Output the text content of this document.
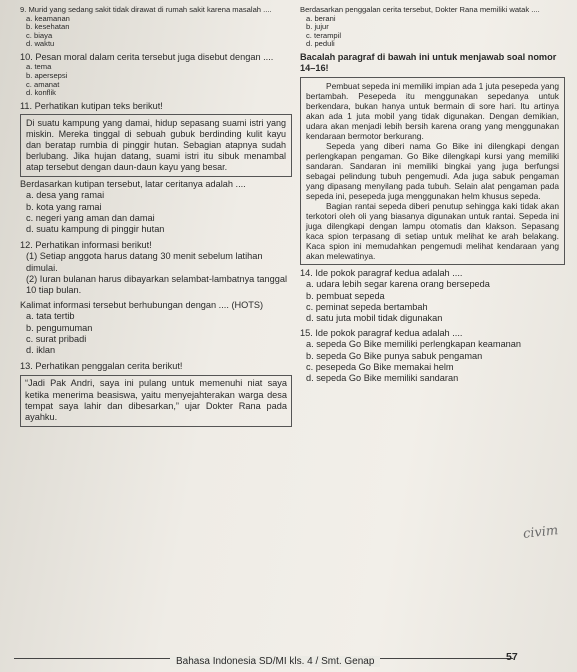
9. Murid yang sedang sakit tidak dirawat di rumah sakit karena masalah ....

a. keamanan
b. kesehatan
c. biaya
d. waktu

10. Pesan moral dalam cerita tersebut juga disebut dengan ....

a. tema
b. apersepsi
c. amanat
d. konflik

11. Perhatikan kutipan teks berikut!

Di suatu kampung yang damai, hidup sepasang suami istri yang miskin. Mereka tinggal di sebuah gubuk berdinding kulit kayu dan beratap rumbia di pinggir hutan. Sebagian atapnya sudah berlubang. Jika hujan datang, suami istri itu sibuk menambal atap tersebut dengan daun-daun kayu yang besar.

Berdasarkan kutipan tersebut, latar ceritanya adalah ....

a. desa yang ramai
b. kota yang ramai
c. negeri yang aman dan damai
d. suatu kampung di pinggir hutan

12. Perhatikan informasi berikut!

(1) Setiap anggota harus datang 30 menit sebelum latihan dimulai.
(2) Iuran bulanan harus dibayarkan selambat-lambatnya tanggal 10 tiap bulan.

Kalimat informasi tersebut berhubungan dengan .... (HOTS)

a. tata tertib
b. pengumuman
c. surat pribadi
d. iklan

13. Perhatikan penggalan cerita berikut!

“Jadi Pak Andri, saya ini pulang untuk memenuhi niat saya ketika menerima beasiswa, yaitu menyejahterakan warga desa tempat saya lahir dan dibesarkan,” ujar Dokter Rana pada ayahku.

Berdasarkan penggalan cerita tersebut, Dokter Rana memiliki watak ....

a. berani
b. jujur
c. terampil
d. peduli

Bacalah paragraf di bawah ini untuk menjawab soal nomor 14–16!

Pembuat sepeda ini memiliki impian ada 1 juta pesepeda yang bertambah. Pesepeda itu menggunakan sepedanya untuk berkendara, bukan hanya untuk bermain di sore hari. Itu artinya akan ada 1 juta mobil yang tidak digunakan. Dengan demikian, udara akan menjadi lebih bersih karena orang yang menggunakan kendaraan bermotor berkurang.
Sepeda yang diberi nama Go Bike ini dilengkapi dengan perlengkapan pengaman. Go Bike dilengkapi kursi yang memiliki sandaran. Sandaran ini memiliki bingkai yang juga berfungsi sebagai pelindung tubuh pengemudi. Ada juga sabuk pengaman yang dipasang menyilang pada tubuh. Selain alat pengaman pada sepeda ini, pesepeda juga menggunakan helm khusus sepeda.
Bagian rantai sepeda diberi penutup sehingga kaki tidak akan terkotori oleh oli yang biasanya digunakan untuk rantai. Sepeda ini juga dilengkapi dengan lampu otomatis dan klakson. Sepasang kaca spion terpasang di setiap untuk melihat ke arah belakang. Kaca spion ini memudahkan pengemudi melihat kendaraan yang akan melewatinya.

14. Ide pokok paragraf kedua adalah ....

a. udara lebih segar karena orang bersepeda
b. pembuat sepeda
c. peminat sepeda bertambah
d. satu juta mobil tidak digunakan

15. Ide pokok paragraf kedua adalah ....

a. sepeda Go Bike memiliki perlengkapan keamanan
b. sepeda Go Bike punya sabuk pengaman
c. pesepeda Go Bike memakai helm
d. sepeda Go Bike memiliki sandaran
civim
Bahasa Indonesia SD/MI kls. 4 / Smt. Genap	57
